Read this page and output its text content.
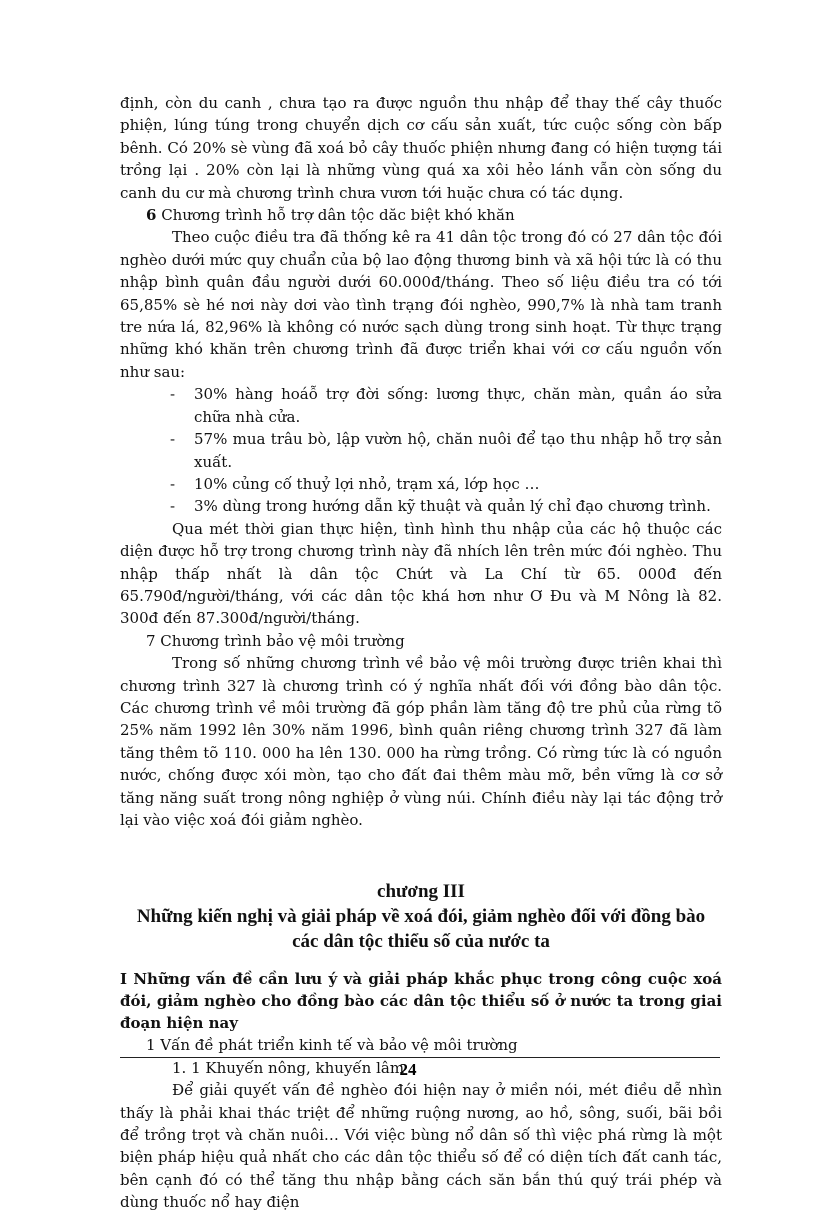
định, còn du canh , chưa tạo ra được nguồn thu nhập để thay thế cây thuốc phiện, lúng túng trong chuyển dịch cơ cấu sản xuất, tức cuộc sống còn bấp bênh. Có 20% sè vùng đã xoá bỏ cây thuốc phiện nhưng đang có hiện tượng tái trồng lại . 20% còn lại là những vùng quá xa xôi hẻo lánh vẫn còn sống du canh du cư mà chương trình chưa vươn tới huặc chưa có tác dụng.

6 Chương trình hỗ trợ dân tộc dăc biệt khó khăn

Theo cuộc điều tra đã thống kê ra 41 dân tộc trong đó có 27 dân tộc đói nghèo dưới mức quy chuẩn của bộ lao động thương binh và xã hội tức là có thu nhập bình quân đầu người dưới 60.000đ/tháng. Theo số liệu điều tra có tới 65,85% sè hé nơi này dơi vào tình trạng đói nghèo, 990,7% là nhà tam tranh tre nứa lá, 82,96% là không có nước sạch dùng trong sinh hoạt. Từ thực trạng những khó khăn trên chương trình đã được triển khai với cơ cấu nguồn vốn như sau:

- 30% hàng hoáỗ trợ đời sống: lương thực, chăn màn, quần áo sửa chữa nhà cửa.

- 57% mua trâu bò, lập vườn hộ, chăn nuôi để tạo thu nhập hỗ trợ sản xuất.

- 10% củng cố thuỷ lợi nhỏ, trạm xá, lớp học …

- 3% dùng trong hướng dẫn kỹ thuật và quản lý chỉ đạo chương trình.

Qua mét thời gian thực hiện, tình hình thu nhập của các hộ thuộc các diện được hỗ trợ trong chương trình này đã nhích lên trên mức đói nghèo. Thu nhập thấp nhất là dân tộc Chứt và La Chí từ 65. 000đ đến 65.790đ/người/tháng, với các dân tộc khá hơn như Ơ Đu và M Nông là 82. 300đ đến 87.300đ/người/tháng.

7 Chương trình bảo vệ môi trường

Trong số những chương trình về bảo vệ môi trường được triên khai thì chương trình 327 là chương trình có ý nghĩa nhất đối với đồng bào dân tộc. Các chương trình về môi trường đã góp phần làm tăng độ tre phủ của rừng tõ 25% năm 1992 lên 30% năm 1996, bình quân riêng chương trình 327 đã làm tăng thêm tõ 110. 000 ha lên 130. 000 ha rừng trồng. Có rừng tức là có nguồn nước, chống được xói mòn, tạo cho đất đai thêm màu mỡ, bền vững là cơ sở tăng năng suất trong nông nghiệp ở vùng núi. Chính điều này lại tác động trở lại vào việc xoá đói giảm nghèo.

chương III

Những kiến nghị và giải pháp về xoá đói, giảm nghèo đối với đồng bào các dân tộc thiểu số của nước ta

I Những vấn đề cần lưu ý và giải pháp khắc phục trong công cuộc xoá đói, giảm nghèo cho đồng bào các dân tộc thiểu số ở nước ta trong giai đoạn hiện nay

1 Vấn đề phát triển kinh tế và bảo vệ môi trường

1. 1 Khuyến nông, khuyến lâm

Để giải quyết vấn đề nghèo đói hiện nay ở miền nói, mét điều dễ nhìn thấy là phải khai thác triệt để những ruộng nương, ao hồ, sông, suối, bãi bồi để trồng trọt và chăn nuôi… Với việc bùng nổ dân số thì việc phá rừng là một biện pháp hiệu quả nhất cho các dân tộc thiểu số để có diện tích đất canh tác, bên cạnh đó có thể tăng thu nhập bằng cách săn bắn thú quý trái phép và dùng thuốc nổ hay điện

24
